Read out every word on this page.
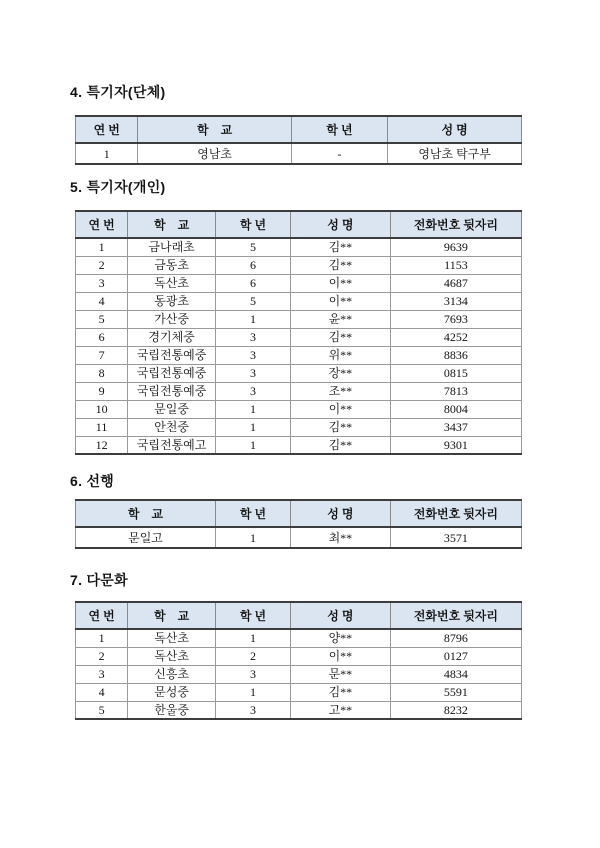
4. 특기자(단체)
연 번	학　교	학 년	성 명
1	영남초	-	영남초 탁구부
5. 특기자(개인)
연 번	학　교	학 년	성 명	전화번호 뒷자리
1	금나래초	5	김**	9639
2	금동초	6	김**	1153
3	독산초	6	이**	4687
4	동광초	5	이**	3134
5	가산중	1	윤**	7693
6	경기체중	3	김**	4252
7	국립전통예중	3	위**	8836
8	국립전통예중	3	장**	0815
9	국립전통예중	3	조**	7813
10	문일중	1	이**	8004
11	안천중	1	김**	3437
12	국립전통예고	1	김**	9301
6. 선행
학　교	학 년	성 명	전화번호 뒷자리
문일고	1	최**	3571
7. 다문화
연 번	학　교	학 년	성 명	전화번호 뒷자리
1	독산초	1	양**	8796
2	독산초	2	이**	0127
3	신흥초	3	문**	4834
4	문성중	1	김**	5591
5	한울중	3	고**	8232
